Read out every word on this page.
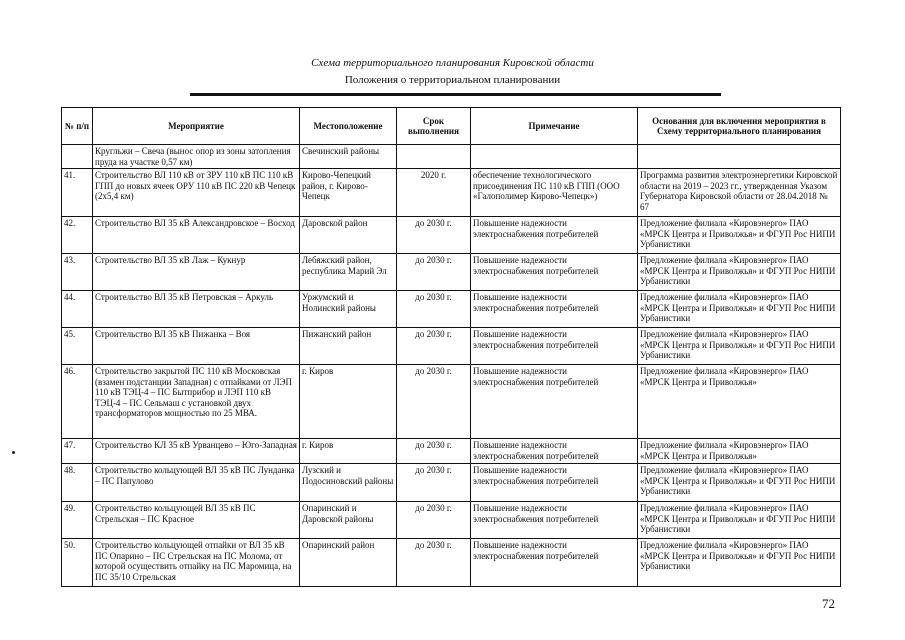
Схема территориального планирования Кировской области
Положения о территориальном планировании
№ п/п	Мероприятие	Местоположение	Срок выполнения	Примечание	Основания для включения мероприятия в Схему территориального планирования
	Кругльжи – Свеча (вынос опор из зоны затопления пруда на участке 0,57 км)	Свечинский районы			
41.	Строительство ВЛ 110 кВ от ЗРУ 110 кВ ПС 110 кВ ГПП до новых ячеек ОРУ 110 кВ ПС 220 кВ Чепецк (2х5,4 км)	Кирово-Чепецкий район, г. Кирово-Чепецк	2020 г.	обеспечение технологического присоединения ПС 110 кВ ГПП (ООО «Галополимер Кирово-Чепецк»)	Программа развития электроэнергетики Кировской области на 2019 – 2023 гг., утвержденная Указом Губернатора Кировской области от 28.04.2018 № 67
42.	Строительство ВЛ 35 кВ Александровское – Восход	Даровской район	до 2030 г.	Повышение надежности электроснабжения потребителей	Предложение филиала «Кировэнерго» ПАО «МРСК Центра и Приволжья» и ФГУП Рос НИПИ Урбанистики
43.	Строительство ВЛ 35 кВ Лаж – Кукнур	Лебяжский район, республика Марий Эл	до 2030 г.	Повышение надежности электроснабжения потребителей	Предложение филиала «Кировэнерго» ПАО «МРСК Центра и Приволжья» и ФГУП Рос НИПИ Урбанистики
44.	Строительство ВЛ 35 кВ Петровская – Аркуль	Уржумский и Нолинский районы	до 2030 г.	Повышение надежности электроснабжения потребителей	Предложение филиала «Кировэнерго» ПАО «МРСК Центра и Приволжья» и ФГУП Рос НИПИ Урбанистики
45.	Строительство ВЛ 35 кВ Пижанка – Воя	Пижанский район	до 2030 г.	Повышение надежности электроснабжения потребителей	Предложение филиала «Кировэнерго» ПАО «МРСК Центра и Приволжья» и ФГУП Рос НИПИ Урбанистики
46.	Строительство закрытой ПС 110 кВ Московская (взамен подстанции Западная) с отпайками от ЛЭП 110 кВ ТЭЦ-4 – ПС Бытприбор и ЛЭП 110 кВ ТЭЦ-4 – ПС Сельмаш с установкой двух трансформаторов мощностью по 25 МВА.	г. Киров	до 2030 г.	Повышение надежности электроснабжения потребителей	Предложение филиала «Кировэнерго» ПАО «МРСК Центра и Приволжья»
47.	Строительство КЛ 35 кВ Урванцево – Юго-Западная	г. Киров	до 2030 г.	Повышение надежности электроснабжения потребителей	Предложение филиала «Кировэнерго» ПАО «МРСК Центра и Приволжья»
48.	Строительство кольцующей ВЛ 35 кВ ПС Лунданка – ПС Папулово	Лузский и Подосиновский районы	до 2030 г.	Повышение надежности электроснабжения потребителей	Предложение филиала «Кировэнерго» ПАО «МРСК Центра и Приволжья» и ФГУП Рос НИПИ Урбанистики
49.	Строительство кольцующей ВЛ 35 кВ ПС Стрельская – ПС Красное	Опаринский и Даровской районы	до 2030 г.	Повышение надежности электроснабжения потребителей	Предложение филиала «Кировэнерго» ПАО «МРСК Центра и Приволжья» и ФГУП Рос НИПИ Урбанистики
50.	Строительство кольцующей отпайки от ВЛ 35 кВ ПС Опарино – ПС Стрельская на ПС Молома, от которой осуществить отпайку на ПС Маромица, на ПС 35/10 Стрельская	Опаринский район	до 2030 г.	Повышение надежности электроснабжения потребителей	Предложение филиала «Кировэнерго» ПАО «МРСК Центра и Приволжья» и ФГУП Рос НИПИ Урбанистики
72
